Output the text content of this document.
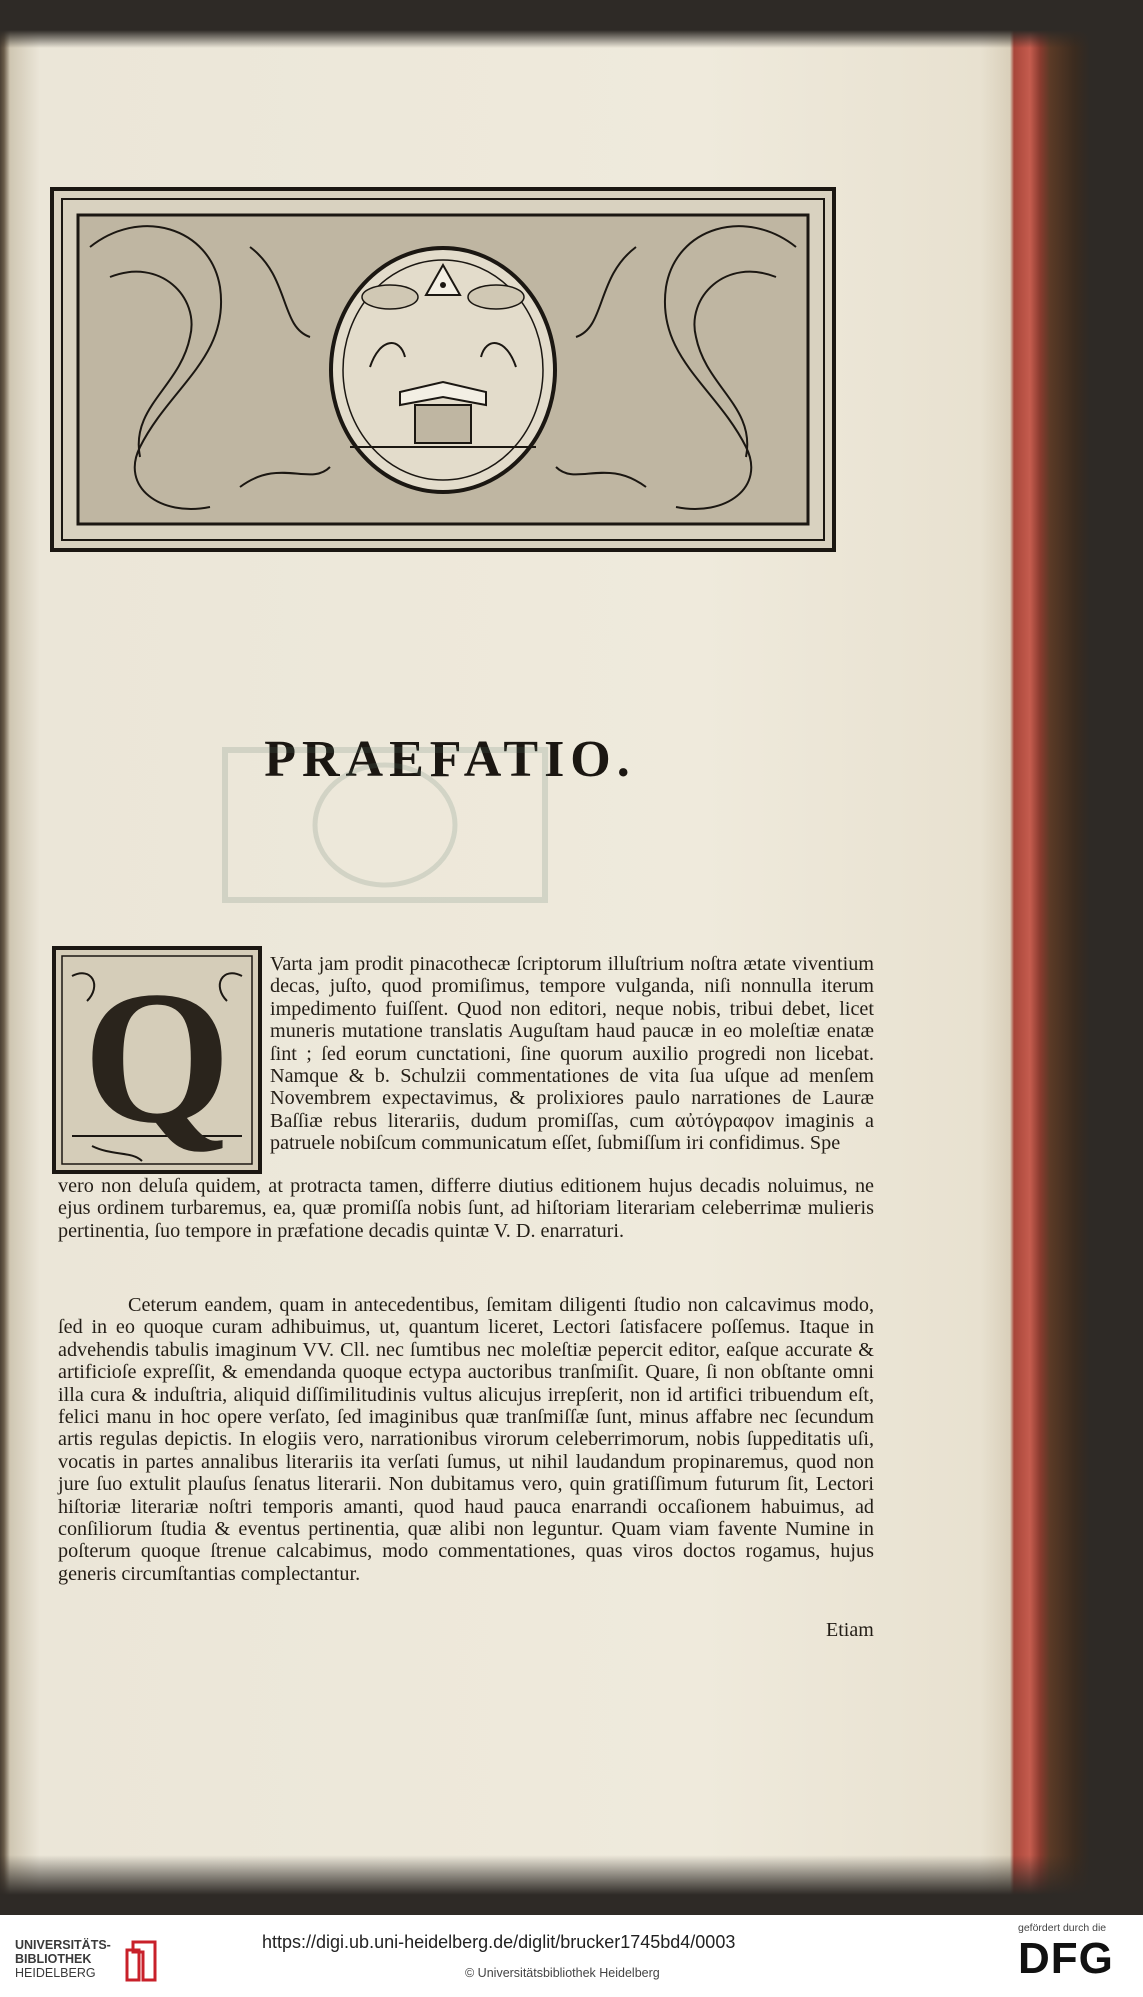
PRAEFATIO.
Q Varta jam prodit pinacothecæ ſcriptorum illuſtrium noſtra ætate viventium decas, juſto, quod promiſimus, tempore vulganda, niſi nonnulla iterum impedimento fuiſſent. Quod non editori, neque nobis, tribui debet, licet muneris mutatione translatis Auguſtam haud paucæ in eo moleſtiæ enatæ ſint ; ſed eorum cunctationi, ſine quorum auxilio progredi non licebat. Namque & b. Schulzii commentationes de vita ſua uſque ad menſem Novembrem expectavimus, & prolixiores paulo narrationes de Lauræ Baſſiæ rebus literariis, dudum promiſſas, cum αὐτόγραφον imaginis a patruele nobiſcum communicatum eſſet, ſubmiſſum iri confidimus. Spe
vero non deluſa quidem, at protracta tamen, differre diutius editionem hujus decadis noluimus, ne ejus ordinem turbaremus, ea, quæ promiſſa nobis ſunt, ad hiſtoriam literariam celeberrimæ mulieris pertinentia, ſuo tempore in præfatione decadis quintæ V. D. enarraturi.
Ceterum eandem, quam in antecedentibus, ſemitam diligenti ſtudio non calcavimus modo, ſed in eo quoque curam adhibuimus, ut, quantum liceret, Lectori ſatisfacere poſſemus. Itaque in advehendis tabulis imaginum VV. Cll. nec ſumtibus nec moleſtiæ pepercit editor, eaſque accurate & artificioſe expreſſit, & emendanda quoque ectypa auctoribus tranſmiſit. Quare, ſi non obſtante omni illa cura & induſtria, aliquid diſſimilitudinis vultus alicujus irrepſerit, non id artifici tribuendum eſt, felici manu in hoc opere verſato, ſed imaginibus quæ tranſmiſſæ ſunt, minus affabre nec ſecundum artis regulas depictis. In elogiis vero, narrationibus virorum celeberrimorum, nobis ſuppeditatis uſi, vocatis in partes annalibus literariis ita verſati ſumus, ut nihil laudandum propinaremus, quod non jure ſuo extulit plauſus ſenatus literarii. Non dubitamus vero, quin gratiſſimum futurum ſit, Lectori hiſtoriæ literariæ noſtri temporis amanti, quod haud pauca enarrandi occaſionem habuimus, ad conſiliorum ſtudia & eventus pertinentia, quæ alibi non leguntur. Quam viam favente Numine in poſterum quoque ſtrenue calcabimus, modo commentationes, quas viros doctos rogamus, hujus generis circumſtantias complectantur.
Etiam
UNIVERSITÄTS-
BIBLIOTHEK
HEIDELBERG
https://digi.ub.uni-heidelberg.de/diglit/brucker1745bd4/0003
© Universitätsbibliothek Heidelberg
gefördert durch die
DFG
